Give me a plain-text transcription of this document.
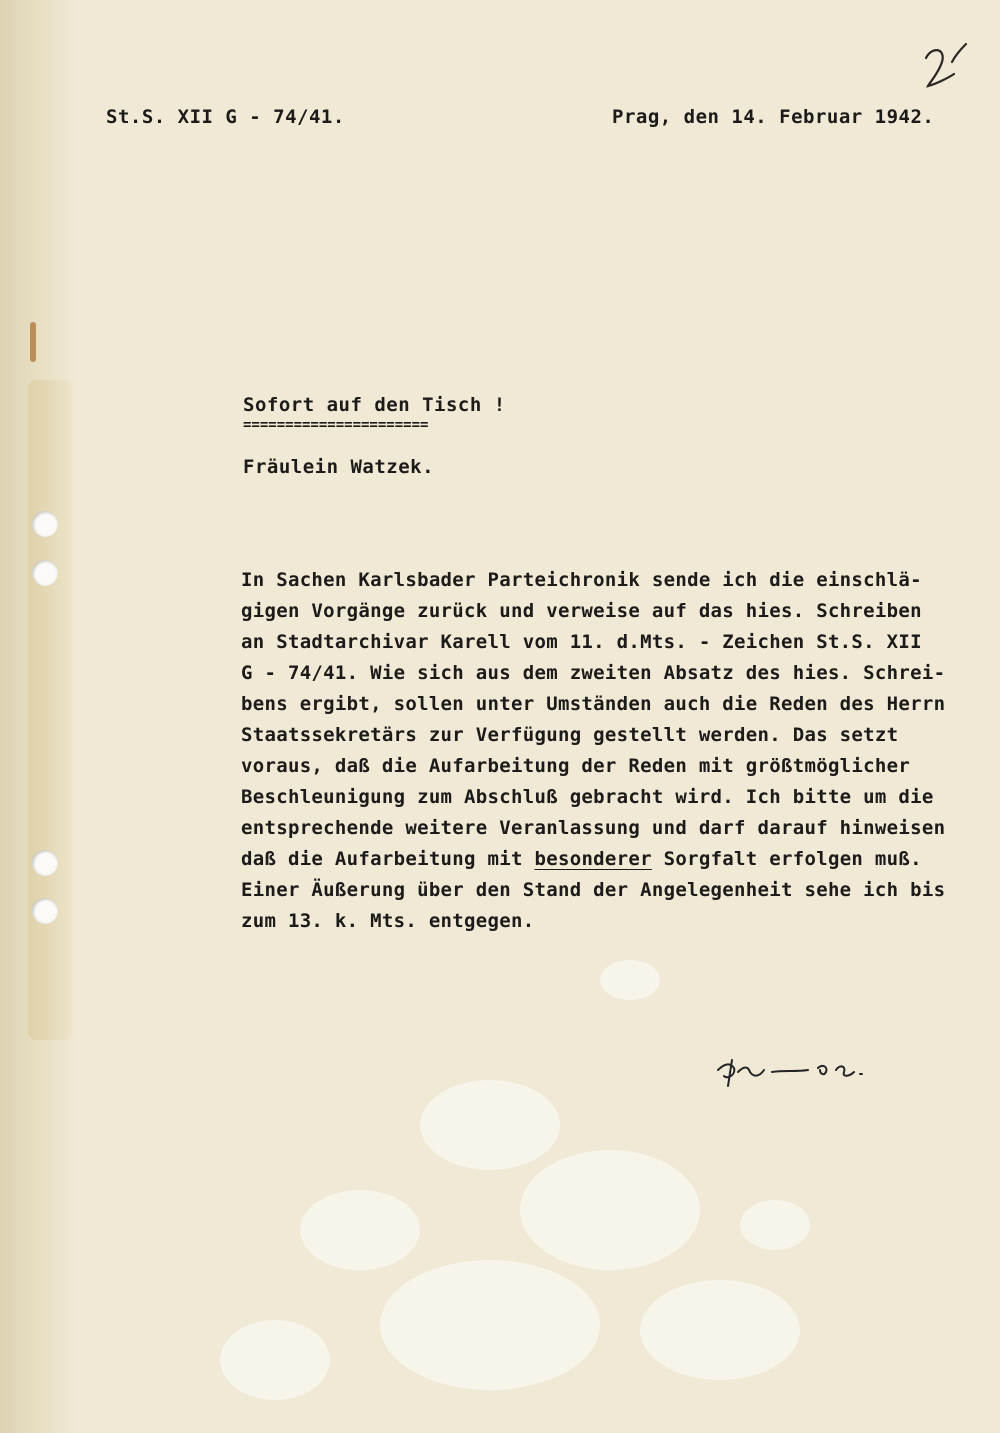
St.S. XII G - 74/41.	Prag, den 14. Februar 1942.
Sofort auf den Tisch !
======================
Fräulein Watzek.
In Sachen Karlsbader Parteichronik sende ich die einschlä-
gigen Vorgänge zurück und verweise auf das hies. Schreiben
an Stadtarchivar Karell vom 11. d.Mts. - Zeichen St.S. XII
G - 74/41. Wie sich aus dem zweiten Absatz des hies. Schrei-
bens ergibt, sollen unter Umständen auch die Reden des Herrn
Staatssekretärs zur Verfügung gestellt werden. Das setzt
voraus, daß die Aufarbeitung der Reden mit größtmöglicher
Beschleunigung zum Abschluß gebracht wird. Ich bitte um die
entsprechende weitere Veranlassung und darf darauf hinweisen
daß die Aufarbeitung mit besonderer Sorgfalt erfolgen muß.
Einer Äußerung über den Stand der Angelegenheit sehe ich bis
zum 13. k. Mts. entgegen.
